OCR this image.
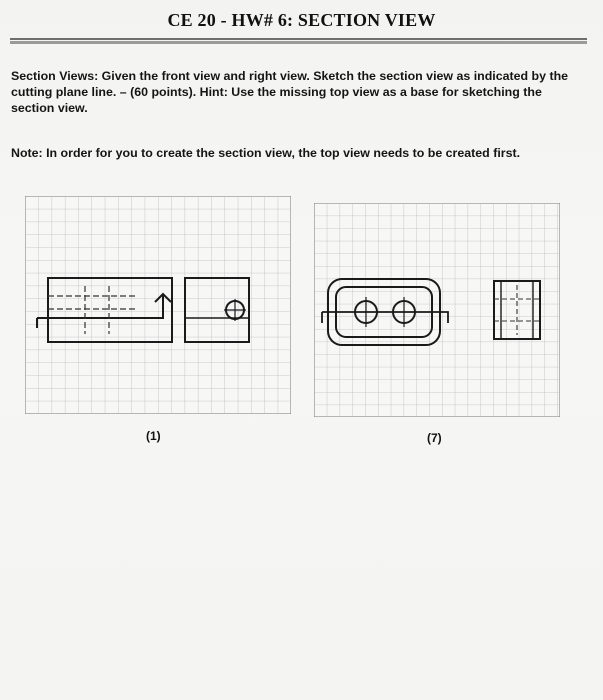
CE 20 - HW# 6: SECTION VIEW

Section Views: Given the front view and right view. Sketch the section view as indicated by the cutting plane line. – (60 points). Hint: Use the missing top view as a base for sketching the section view.

Note: In order for you to create the section view, the top view needs to be created first.

(1)	(7)
